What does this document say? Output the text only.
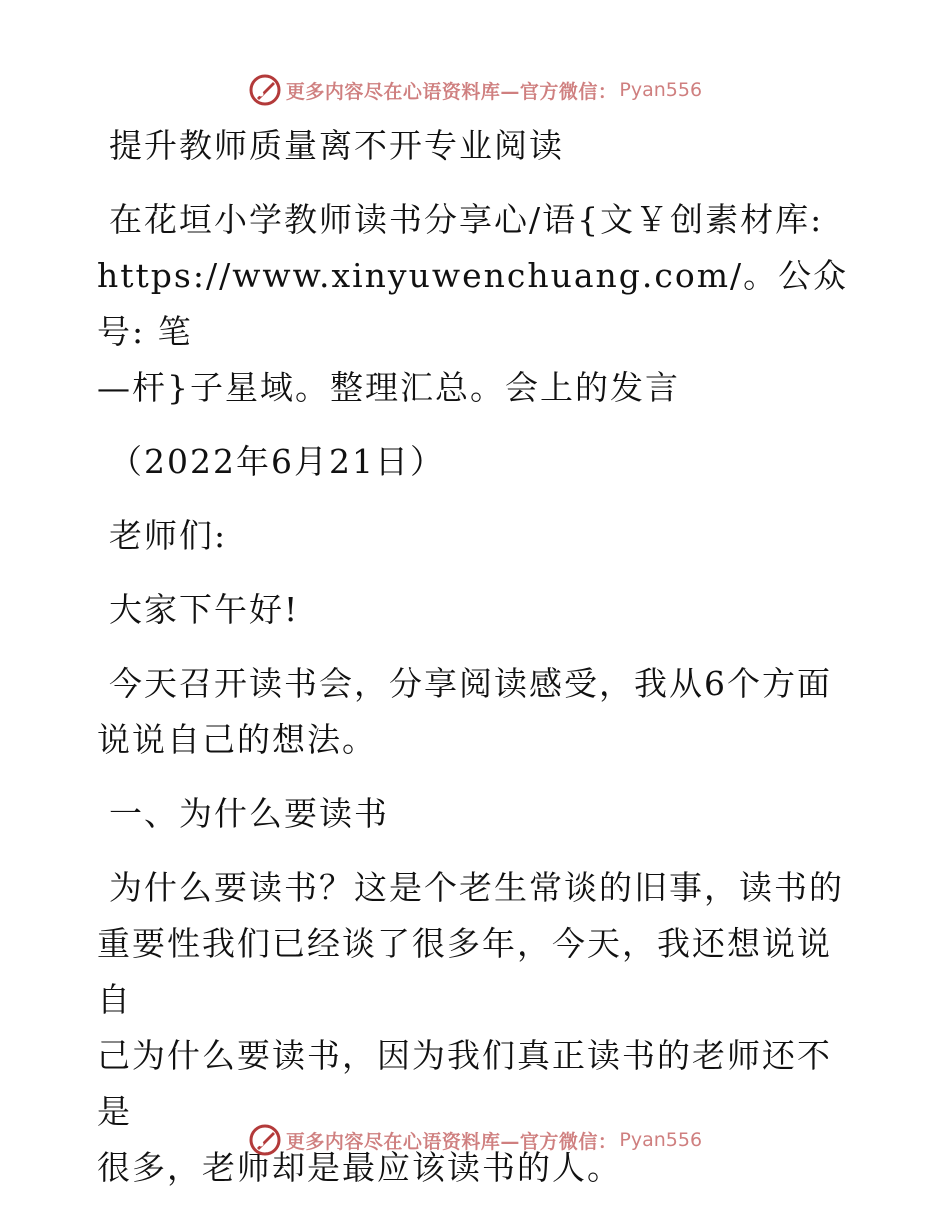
更多内容尽在心语资料库—官方微信： Pyan556
提升教师质量离不开专业阅读
在花垣小学教师读书分享心/语{文￥创素材库:
https://www.xinyuwenchuang.com/。公众号: 笔
—杆}子星域。整理汇总。会上的发言
（2022年6月21日）
老师们:
大家下午好!
今天召开读书会，分享阅读感受，我从6个方面
说说自己的想法。
一、为什么要读书
为什么要读书？这是个老生常谈的旧事，读书的
重要性我们已经谈了很多年，今天，我还想说说自
己为什么要读书，因为我们真正读书的老师还不是
很多，老师却是最应该读书的人。
更多内容尽在心语资料库—官方微信： Pyan556
